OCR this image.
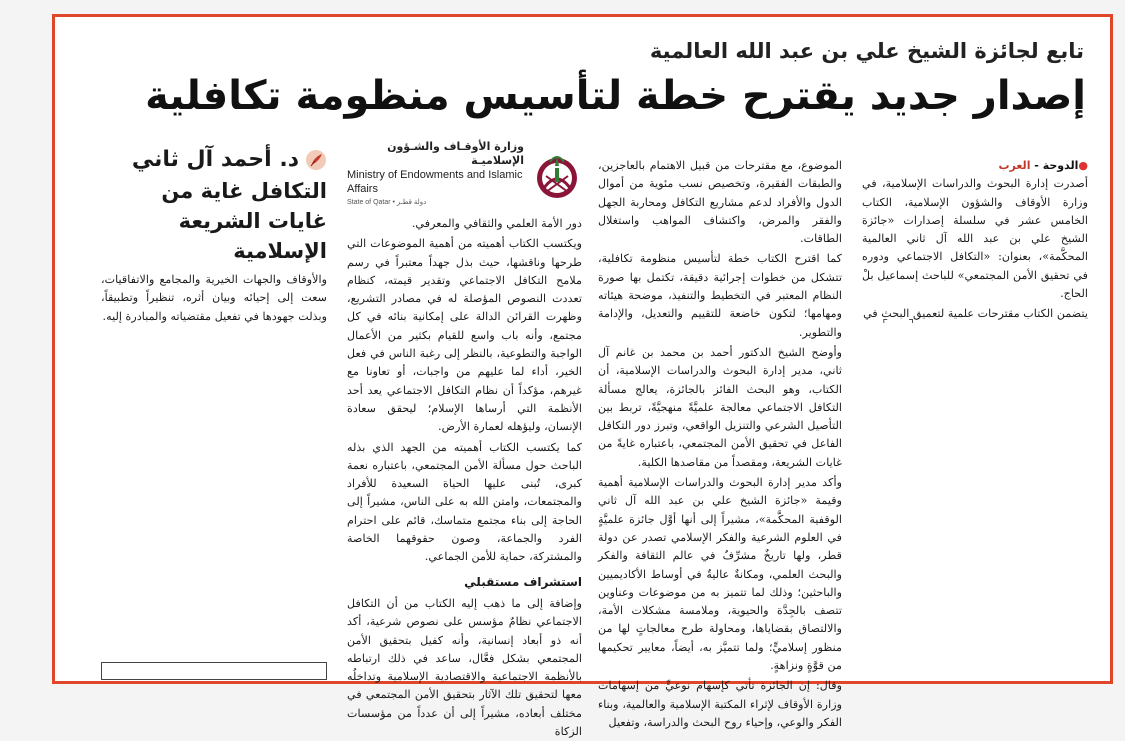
تابع لجائزة الشيخ علي بن عبد الله العالمية
إصدار جديد يقترح خطة لتأسيس منظومة تكافلية
●الدوحة - العرب

أصدرت إدارة البحوث والدراسات الإسلامية، في وزارة الأوقاف والشؤون الإسلامية، الكتاب الخامس عشر في سلسلة إصدارات «جائزة الشيخ علي بن عبد الله آل ثاني العالمية المحكَّمة»، بعنوان: «التكافل الاجتماعي ودوره في تحقيق الأمن المجتمعي» للباحث إسماعيل بلْ الحاج.

يتضمن الكتاب مقترحات علمية لتعميق البحث في

الموضوع، مع مقترحات من قبيل الاهتمام بالعاجزين، والطبقات الفقيرة، وتخصيص نسب مئوية من أموال الدول والأفراد لدعم مشاريع التكافل ومحاربة الجهل والفقر والمرض، واكتشاف المواهب واستغلال الطاقات.

كما اقترح الكتاب خطة لتأسيس منظومة تكافلية، تتشكل من خطوات إجرائية دقيقة، تكتمل بها صورة النظام المعتبر في التخطيط والتنفيذ، موضحة هيئاته ومهامها؛ لتكون خاضعة للتقييم والتعديل، والإدامة والتطوير.

وأوضح الشيخ الدكتور أحمد بن محمد بن غانم آل ثاني، مدير إدارة البحوث والدراسات الإسلامية، أن الكتاب، وهو البحث الفائز بالجائزة، يعالج مسألة التكافل الاجتماعي معالجة علميَّةً منهجيَّةً، تربط بين التأصيل الشرعي والتنزيل الواقعي، وتبرز دور التكافل الفاعل في تحقيق الأمن المجتمعي، باعتباره غايةً من غايات الشريعة، ومقصداً من مقاصدها الكلية.

وأكد مدير إدارة البحوث والدراسات الإسلامية أهمية وقيمة «جائزة الشيخ علي بن عبد الله آل ثاني الوقفية المحكَّمة»، مشيراً إلى أنها أوَّل جائزة علميَّةٍ في العلوم الشرعية والفكر الإسلامي تصدر عن دولة قطر، ولها تاريخٌ مشرِّفٌ في عالم الثقافة والفكر والبحث العلمي، ومكانةٌ عاليةٌ في أوساط الأكاديميين والباحثين؛ وذلك لما تتميز به من موضوعات وعناوين تتصف بالجِدَّة والحيوية، وملامسة مشكلات الأمة، والالتصاق بقضاياها، ومحاولة طرح معالجاتٍ لها من منظور إسلاميٍّ؛ ولما تتميَّز به، أيضاً، معايير تحكيمها من قوَّةٍ ونزاهةٍ.

وقال: إن الجائزة تأتي كإسهام نوعيٍّ من إسهامات وزارة الأوقاف لإثراء المكتبة الإسلامية والعالمية، وبناء الفكر والوعي، وإحياء روح البحث والدراسة، وتفعيل

وزارة الأوقـاف والشـؤون الإسلاميـة
Ministry of Endowments and Islamic Affairs
State of Qatar • دولة قطـر

دور الأمة العلمي والثقافي والمعرفي.

ويكتسب الكتاب أهميته من أهمية الموضوعات التي طرحها وناقشها، حيث بذل جهداً معتبراً في رسم ملامح التكافل الاجتماعي وتقدير قيمته، كنظام تعددت النصوص المؤصلة له في مصادر التشريع، وظهرت القرائن الدالة على إمكانية بنائه في كل مجتمع، وأنه باب واسع للقيام بكثير من الأعمال الواجبة والتطوعية، بالنظر إلى رغبة الناس في فعل الخير، أداء لما عليهم من واجبات، أو تعاونا مع غيرهم، مؤكداً أن نظام التكافل الاجتماعي يعد أحد الأنظمة التي أرساها الإسلام؛ ليحقق سعادة الإنسان، وليؤهله لعمارة الأرض.

كما يكتسب الكتاب أهميته من الجهد الذي بذله الباحث حول مسألة الأمن المجتمعي، باعتباره نعمة كبرى، تُبنى عليها الحياة السعيدة للأفراد والمجتمعات، وامتن الله به على الناس، مشيراً إلى الحاجة إلى بناء مجتمع متماسك، قائم على احترام الفرد والجماعة، وصون حقوقهما الخاصة والمشتركة، حماية للأمن الجماعي.

استشراف مستقبلي

وإضافة إلى ما ذهب إليه الكتاب من أن التكافل الاجتماعي نظامٌ مؤسس على نصوص شرعية، أكد أنه ذو أبعاد إنسانية، وأنه كفيل بتحقيق الأمن المجتمعي بشكل فعَّال، ساعد في ذلك ارتباطه بالأنظمة الاجتماعية والاقتصادية الإسلامية وتداخلُه معها لتحقيق تلك الآثار بتحقيق الأمن المجتمعي في مختلف أبعاده، مشيراً إلى أن عدداً من مؤسسات الزكاة

د. أحمد آل ثاني
التكافل غاية من غايات الشريعة الإسلامية

والأوقاف والجهات الخيرية والمجامع والاتفاقيات، سعت إلى إحيائه وبيان أثره، تنظيراً وتطبيقاً، وبذلت جهودها في تفعيل مقتضياته والمبادرة إليه.

⌝
⌜
